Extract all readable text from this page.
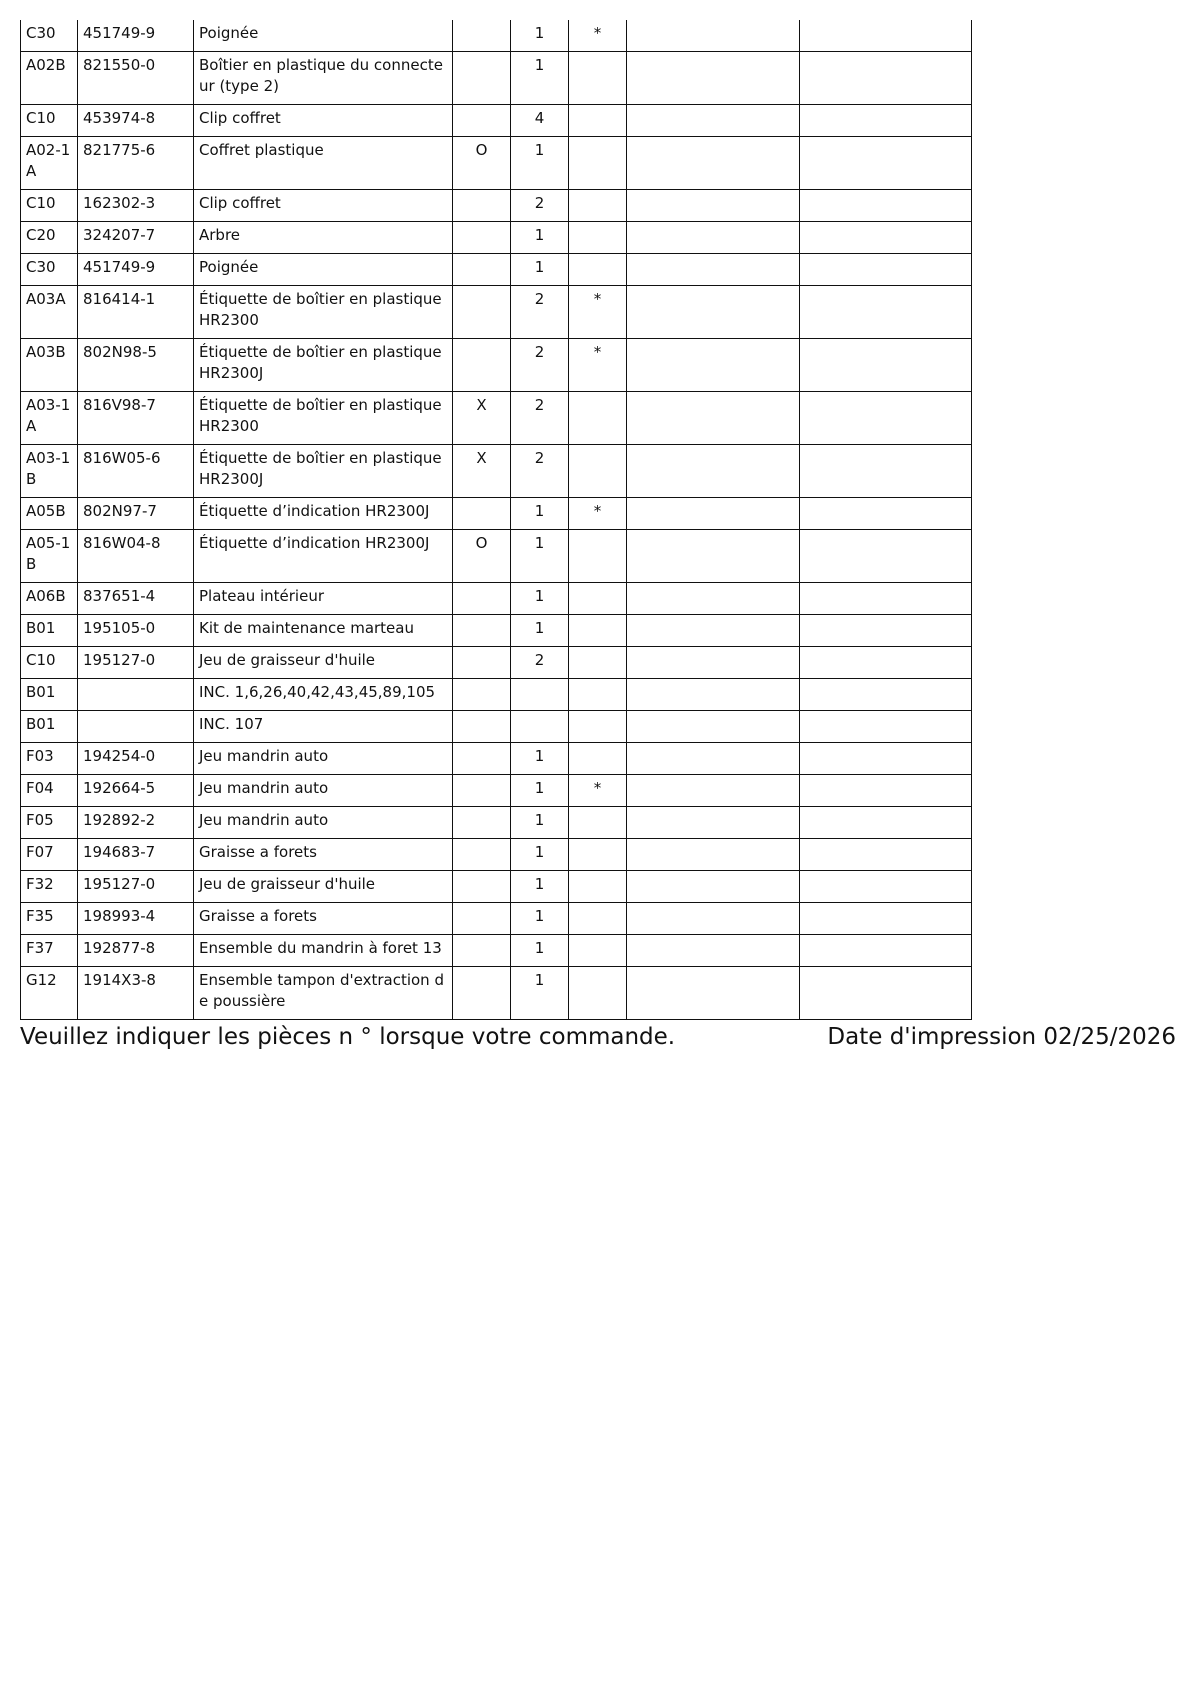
C30	451749-9	Poignée		1	*		
A02B	821550-0	Boîtier en plastique du connecteur (type 2)		1			
C10	453974-8	Clip coffret		4			
A02-1A	821775-6	Coffret plastique	O	1			
C10	162302-3	Clip coffret		2			
C20	324207-7	Arbre		1			
C30	451749-9	Poignée		1			
A03A	816414-1	Étiquette de boîtier en plastique HR2300		2	*		
A03B	802N98-5	Étiquette de boîtier en plastique HR2300J		2	*		
A03-1A	816V98-7	Étiquette de boîtier en plastique HR2300	X	2			
A03-1B	816W05-6	Étiquette de boîtier en plastique HR2300J	X	2			
A05B	802N97-7	Étiquette d’indication HR2300J		1	*		
A05-1B	816W04-8	Étiquette d’indication HR2300J	O	1			
A06B	837651-4	Plateau intérieur		1			
B01	195105-0	Kit de maintenance marteau		1			
C10	195127-0	Jeu de graisseur d'huile		2			
B01		INC. 1,6,26,40,42,43,45,89,105					
B01		INC. 107					
F03	194254-0	Jeu mandrin auto		1			
F04	192664-5	Jeu mandrin auto		1	*		
F05	192892-2	Jeu mandrin auto		1			
F07	194683-7	Graisse a forets		1			
F32	195127-0	Jeu de graisseur d'huile		1			
F35	198993-4	Graisse a forets		1			
F37	192877-8	Ensemble du mandrin à foret 13		1			
G12	1914X3-8	Ensemble tampon d'extraction de poussière		1			
Veuillez indiquer les pièces n ° lorsque votre commande.	Date d'impression 02/25/2026
